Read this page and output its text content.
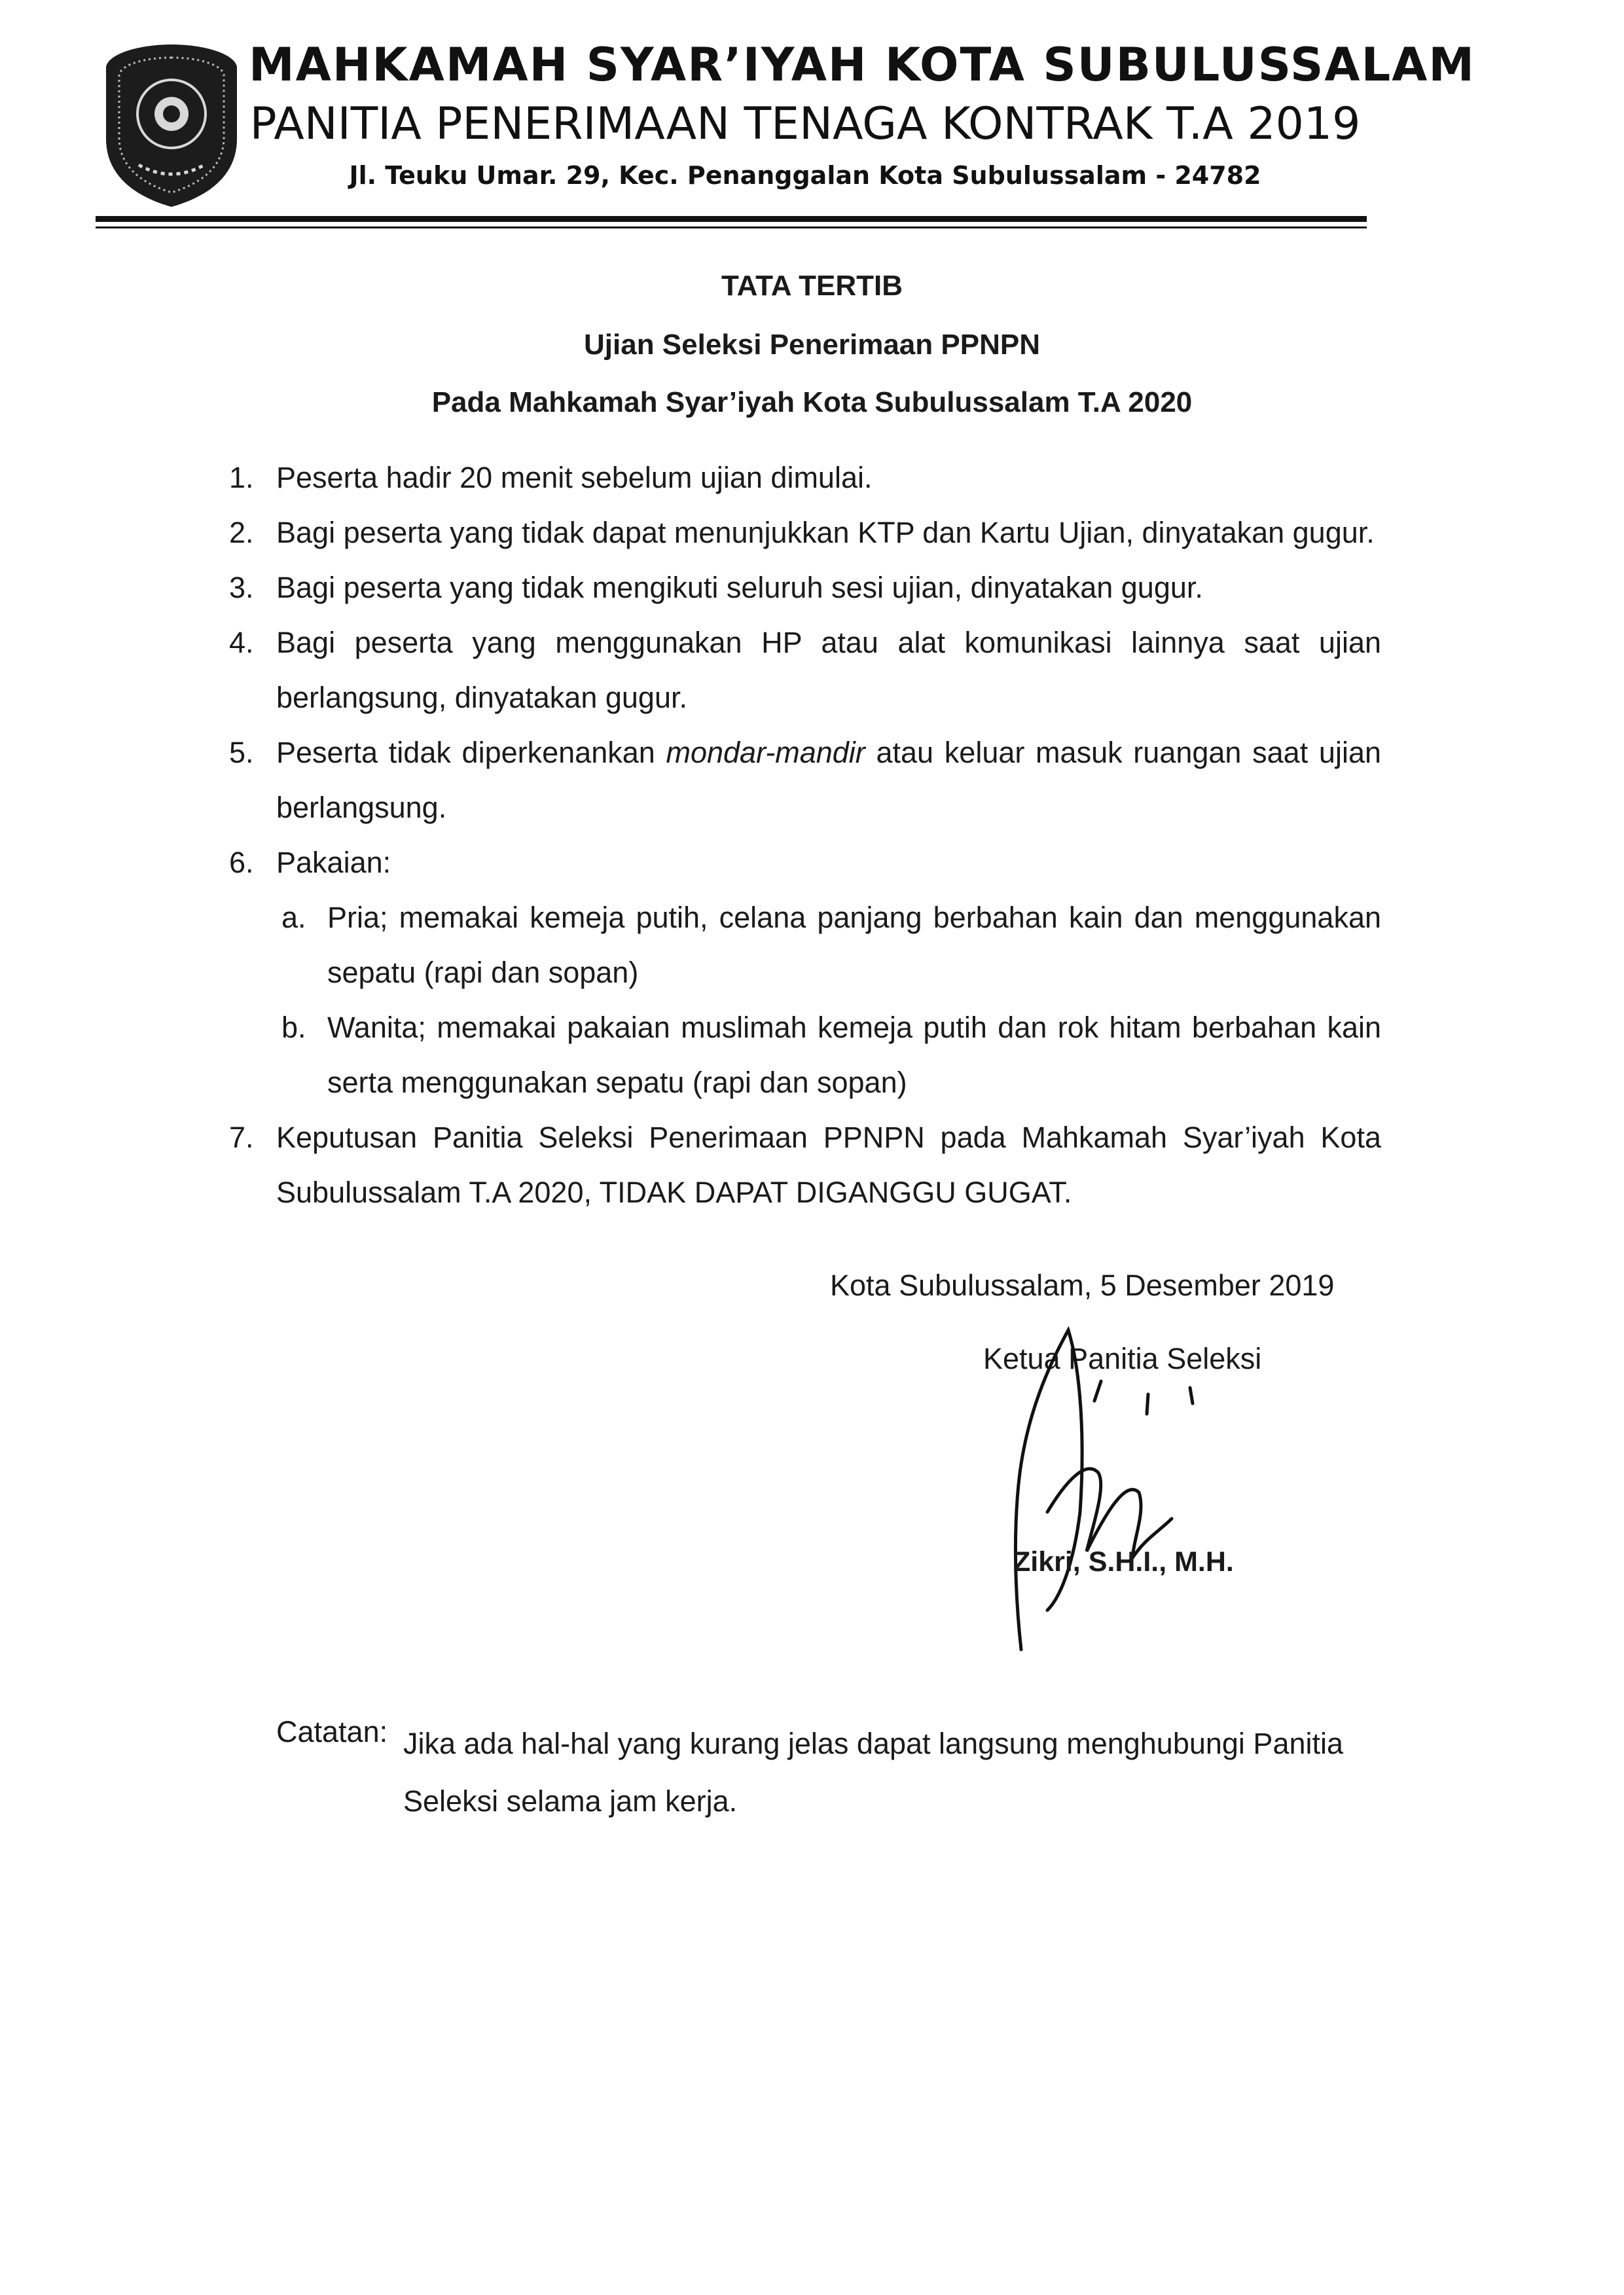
MAHKAMAH SYAR’IYAH KOTA SUBULUSSALAM
PANITIA PENERIMAAN TENAGA KONTRAK T.A 2019
Jl. Teuku Umar. 29, Kec. Penanggalan Kota Subulussalam - 24782
TATA TERTIB
Ujian Seleksi Penerimaan PPNPN
Pada Mahkamah Syar’iyah Kota Subulussalam T.A 2020
1. Peserta hadir 20 menit sebelum ujian dimulai.
2. Bagi peserta yang tidak dapat menunjukkan KTP dan Kartu Ujian, dinyatakan gugur.
3. Bagi peserta yang tidak mengikuti seluruh sesi ujian, dinyatakan gugur.
4. Bagi peserta yang menggunakan HP atau alat komunikasi lainnya saat ujian berlangsung, dinyatakan gugur.
5. Peserta tidak diperkenankan mondar-mandir atau keluar masuk ruangan saat ujian berlangsung.
6. Pakaian:
a. Pria; memakai kemeja putih, celana panjang berbahan kain dan menggunakan sepatu (rapi dan sopan)
b. Wanita; memakai pakaian muslimah kemeja putih dan rok hitam berbahan kain serta menggunakan sepatu (rapi dan sopan)
7. Keputusan Panitia Seleksi Penerimaan PPNPN pada Mahkamah Syar’iyah Kota Subulussalam T.A 2020, TIDAK DAPAT DIGANGGU GUGAT.
Kota Subulussalam, 5 Desember 2019
Ketua Panitia Seleksi
Zikri, S.H.I., M.H.
Catatan: Jika ada hal-hal yang kurang jelas dapat langsung menghubungi Panitia Seleksi selama jam kerja.
